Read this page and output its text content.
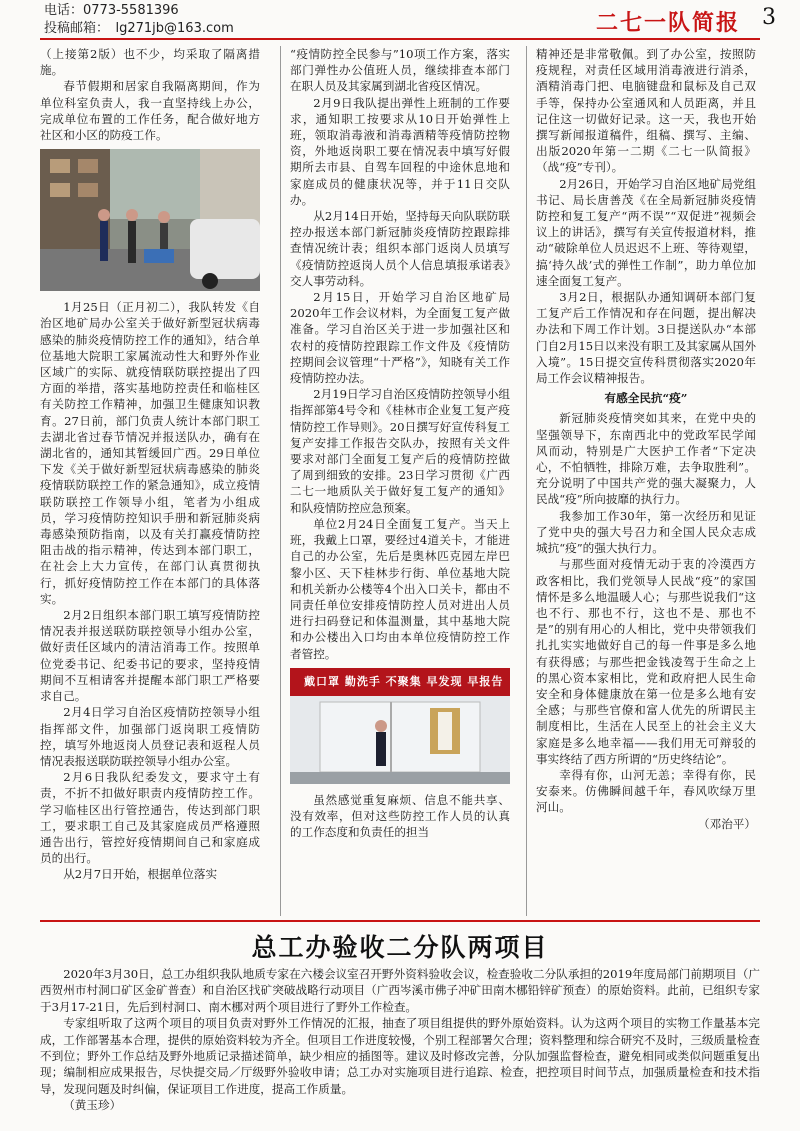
电话：0773-5581396
投稿邮箱：　lg271jb@163.com	二七一队简报 3

（上接第2版）也不少，均采取了隔离措施。

春节假期和居家自我隔离期间，作为单位科室负责人，我一直坚持线上办公，完成单位布置的工作任务，配合做好地方社区和小区的防疫工作。

1月25日（正月初二），我队转发《自治区地矿局办公室关于做好新型冠状病毒感染的肺炎疫情防控工作的通知》，结合单位基地大院职工家属流动性大和野外作业区域广的实际、就疫情联防联控提出了四方面的举措，落实基地防控责任和临桂区有关防控工作精神，加强卫生健康知识教育。27日前，部门负责人统计本部门职工去湖北省过春节情况并报送队办，确有在湖北省的，通知其暂缓回广西。29日单位下发《关于做好新型冠状病毒感染的肺炎疫情联防联控工作的紧急通知》，成立疫情联防联控工作领导小组，笔者为小组成员，学习疫情防控知识手册和新冠肺炎病毒感染预防指南，以及有关打赢疫情防控阻击战的指示精神，传达到本部门职工，在社会上大力宣传，在部门认真贯彻执行，抓好疫情防控工作在本部门的具体落实。

2月2日组织本部门职工填写疫情防控情况表并报送联防联控领导小组办公室，做好责任区域内的清洁消毒工作。按照单位党委书记、纪委书记的要求，坚持疫情期间不互相请客并提醒本部门职工严格要求自己。

2月4日学习自治区疫情防控领导小组指挥部文件，加强部门返岗职工疫情防控，填写外地返岗人员登记表和返程人员情况表报送联防联控领导小组办公室。

2月6日我队纪委发文，要求守土有责，不折不扣做好职责内疫情防控工作。学习临桂区出行管控通告，传达到部门职工，要求职工自己及其家庭成员严格遵照通告出行，管控好疫情期间自己和家庭成员的出行。

从2月7日开始，根据单位落实

“疫情防控全民参与”10项工作方案，落实部门弹性办公值班人员，继续排查本部门在职人员及其家属到湖北省疫区情况。

2月9日我队提出弹性上班制的工作要求，通知职工按要求从10日开始弹性上班，领取消毒液和消毒酒精等疫情防控物资，外地返岗职工要在情况表中填写好假期所去市县、自驾车回程的中途休息地和家庭成员的健康状况等，并于11日交队办。

从2月14日开始，坚持每天向队联防联控办报送本部门新冠肺炎疫情防控跟踪排查情况统计表；组织本部门返岗人员填写《疫情防控返岗人员个人信息填报承诺表》交人事劳动科。

2月15日，开始学习自治区地矿局2020年工作会议材料，为全面复工复产做准备。学习自治区关于进一步加强社区和农村的疫情防控跟踪工作文件及《疫情防控期间会议管理“十严格”》，知晓有关工作疫情防控办法。

2月19日学习自治区疫情防控领导小组指挥部第4号令和《桂林市企业复工复产疫情防控工作导则》。20日撰写好宣传科复工复产安排工作报告交队办，按照有关文件要求对部门全面复工复产后的疫情防控做了周到细致的安排。23日学习贯彻《广西二七一地质队关于做好复工复产的通知》和队疫情防控应急预案。

单位2月24日全面复工复产。当天上班，我戴上口罩，要经过4道关卡，才能进自己的办公室，先后是奥林匹克园左岸巴黎小区、天下桂林步行街、单位基地大院和机关新办公楼等4个出入口关卡，都由不同责任单位安排疫情防控人员对进出人员进行扫码登记和体温测量，其中基地大院和办公楼出入口均由本单位疫情防控工作者管控。

戴口罩 勤洗手 不聚集 早发现 早报告

虽然感觉重复麻烦、信息不能共享、没有效率，但对这些防控工作人员的认真的工作态度和负责任的担当

精神还是非常敬佩。到了办公室，按照防疫规程，对责任区域用消毒液进行消杀，酒精消毒门把、电脑键盘和鼠标及自己双手等，保持办公室通风和人员距离，并且记住这一切做好记录。这一天，我也开始撰写新闻报道稿件，组稿、撰写、主编、出版2020年第一二期《二七一队简报》（战“疫”专刊）。

2月26日，开始学习自治区地矿局党组书记、局长唐善茂《在全局新冠肺炎疫情防控和复工复产“两不误”“双促进”视频会议上的讲话》，撰写有关宣传报道材料，推动“破除单位人员迟迟不上班、等待观望，搞‘持久战’式的弹性工作制”，助力单位加速全面复工复产。

3月2日，根据队办通知调研本部门复工复产后工作情况和存在问题，提出解决办法和下周工作计划。3日提送队办“本部门自2月15日以来没有职工及其家属从国外入境”。15日提交宣传科贯彻落实2020年局工作会议精神报告。

有感全民抗“疫”

新冠肺炎疫情突如其来，在党中央的坚强领导下，东南西北中的党政军民学闻风而动，特别是广大医护工作者“下定决心，不怕牺牲，排除万难，去争取胜利”。充分说明了中国共产党的强大凝聚力，人民战“疫”所向披靡的执行力。

我参加工作30年，第一次经历和见证了党中央的强大号召力和全国人民众志成城抗“疫”的强大执行力。

与那些面对疫情无动于衷的冷漠西方政客相比，我们党领导人民战“疫”的家国情怀是多么地温暖人心；与那些说我们“这也不行、那也不行，这也不是、那也不是”的别有用心的人相比，党中央带领我们扎扎实实地做好自己的每一件事是多么地有获得感；与那些把金钱凌驾于生命之上的黑心资本家相比，党和政府把人民生命安全和身体健康放在第一位是多么地有安全感；与那些官僚和富人优先的所谓民主制度相比，生活在人民至上的社会主义大家庭是多么地幸福——我们用无可辩驳的事实终结了西方所谓的“历史终结论”。

幸得有你，山河无恙；幸得有你，民安泰来。仿佛瞬间越千年，春风吹绿万里河山。

（邓治平）

总工办验收二分队两项目

2020年3月30日，总工办组织我队地质专家在六楼会议室召开野外资料验收会议，检查验收二分队承担的2019年度局部门前期项目（广西贺州市村洞口矿区金矿普查）和自治区找矿突破战略行动项目（广西岑溪市佛子冲矿田南木梛铅锌矿预查）的原始资料。此前，已组织专家于3月17-21日，先后到村洞口、南木梛对两个项目进行了野外工作检查。

专家组听取了这两个项目的项目负责对野外工作情况的汇报，抽查了项目组提供的野外原始资料。认为这两个项目的实物工作量基本完成，工作部署基本合理，提供的原始资料较为齐全。但项目工作进度较慢，个别工程部署欠合理；资料整理和综合研究不及时，三级质量检查不到位；野外工作总结及野外地质记录描述简单，缺少相应的插图等。建议及时修改完善，分队加强监督检查，避免相同或类似问题重复出现；编制相应成果报告，尽快提交局／厅级野外验收申请；总工办对实施项目进行追踪、检查，把控项目时间节点，加强质量检查和技术指导，发现问题及时纠偏，保证项目工作进度，提高工作质量。

（黄玉珍）
